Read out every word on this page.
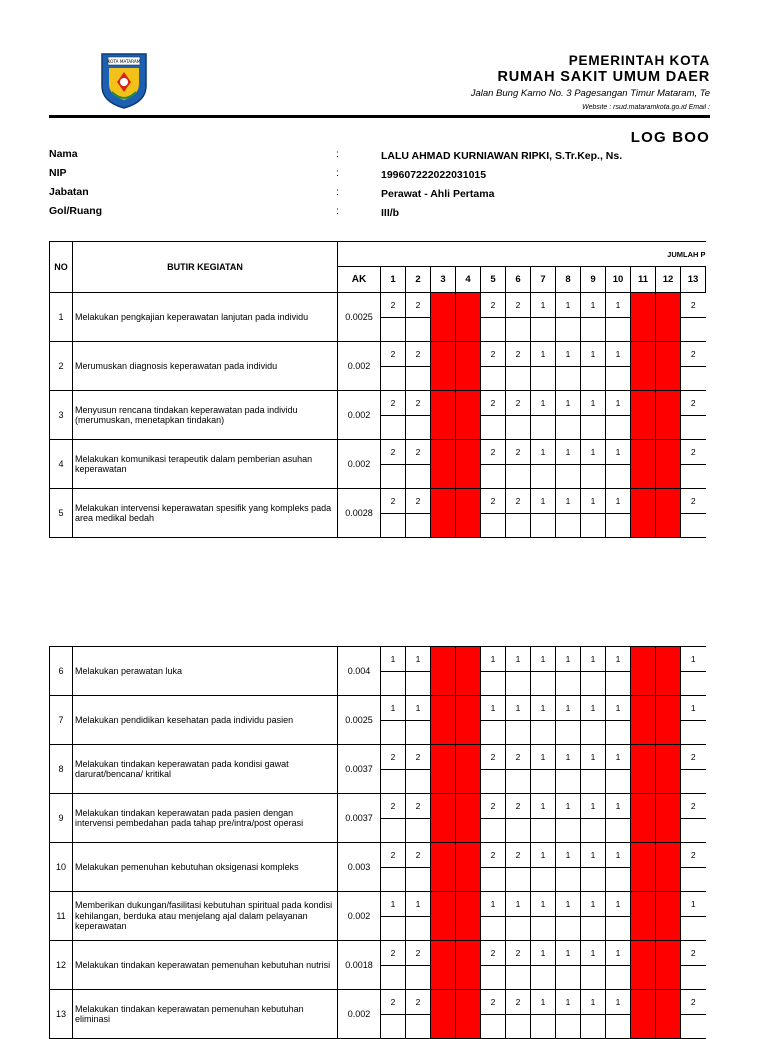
KOTA MATARAM	PEMERINTAH KOTA
RUMAH SAKIT UMUM DAER
Jalan Bung Karno No. 3 Pagesangan Timur Mataram, Te
Website : rsud.mataramkota.go.id Email :
LOG BOO
Nama	:	LALU AHMAD KURNIAWAN RIPKI, S.Tr.Kep., Ns.
NIP	:	199607222022031015
Jabatan	:	Perawat - Ahli Pertama
Gol/Ruang	:	III/b
NO	BUTIR KEGIATAN	JUMLAH P													
		AK	1	2	3	4	5	6	7	8	9	10	11	12	13
1	Melakukan pengkajian keperawatan lanjutan pada individu	0.0025	2	2			2	2	1	1	1	1			2

2	Merumuskan diagnosis keperawatan pada individu	0.002	2	2			2	2	1	1	1	1			2

3	Menyusun rencana tindakan keperawatan pada individu (merumuskan, menetapkan tindakan)	0.002	2	2			2	2	1	1	1	1			2

4	Melakukan komunikasi terapeutik dalam pemberian asuhan keperawatan	0.002	2	2			2	2	1	1	1	1			2

5	Melakukan intervensi keperawatan spesifik yang kompleks pada area medikal bedah	0.0028	2	2			2	2	1	1	1	1			2

6	Melakukan perawatan luka	0.004	1	1			1	1	1	1	1	1			1

7	Melakukan pendidikan kesehatan pada individu pasien	0.0025	1	1			1	1	1	1	1	1			1

8	Melakukan tindakan keperawatan pada kondisi gawat darurat/bencana/ kritikal	0.0037	2	2			2	2	1	1	1	1			2

9	Melakukan tindakan keperawatan pada pasien dengan intervensi pembedahan pada tahap pre/intra/post operasi	0.0037	2	2			2	2	1	1	1	1			2

10	Melakukan pemenuhan kebutuhan oksigenasi kompleks	0.003	2	2			2	2	1	1	1	1			2

11	Memberikan dukungan/fasilitasi kebutuhan spiritual pada kondisi kehilangan, berduka atau menjelang ajal dalam pelayanan keperawatan	0.002	1	1			1	1	1	1	1	1			1

12	Melakukan tindakan keperawatan pemenuhan kebutuhan nutrisi	0.0018	2	2			2	2	1	1	1	1			2

13	Melakukan tindakan keperawatan pemenuhan kebutuhan eliminasi	0.002	2	2			2	2	1	1	1	1			2
